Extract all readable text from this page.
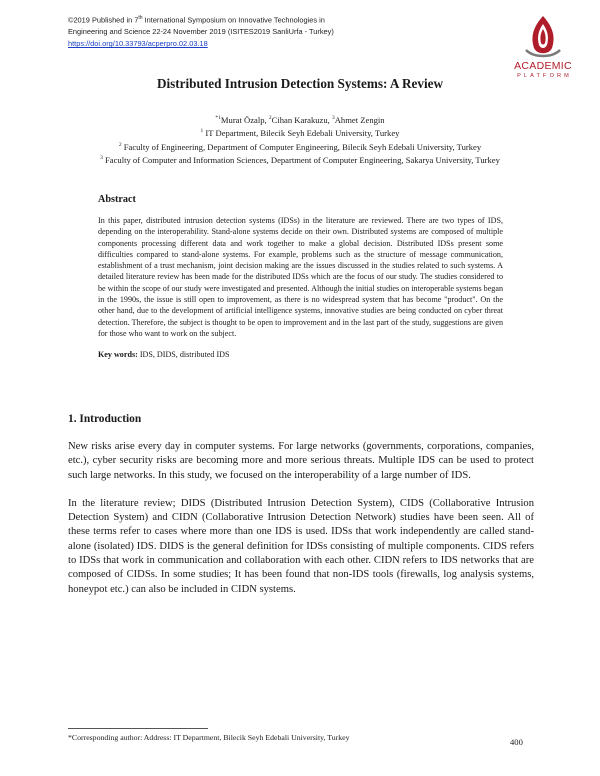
©2019 Published in 7th International Symposium on Innovative Technologies in
Engineering and Science 22-24 November 2019 (ISITES2019 SanliUrfa - Turkey)
https://doi.org/10.33793/acperpro.02.03.18
ACADEMIC
PLATFORM
Distributed Intrusion Detection Systems: A Review
$^{*1}$Murat Özalp, $^2$Cihan Karakuzu, $^3$Ahmet Zengin
$^1$ IT Department, Bilecik Seyh Edebali University, Turkey
$^2$ Faculty of Engineering, Department of Computer Engineering, Bilecik Seyh Edebali University, Turkey
$^3$ Faculty of Computer and Information Sciences, Department of Computer Engineering, Sakarya University, Turkey
Abstract

In this paper, distributed intrusion detection systems (IDSs) in the literature are reviewed. There are two types of IDS, depending on the interoperability. Stand-alone systems decide on their own. Distributed systems are composed of multiple components processing different data and work together to make a global decision. Distributed IDSs present some difficulties compared to stand-alone systems. For example, problems such as the structure of message communication, establishment of a trust mechanism, joint decision making are the issues discussed in the studies related to such systems. A detailed literature review has been made for the distributed IDSs which are the focus of our study. The studies considered to be within the scope of our study were investigated and presented. Although the initial studies on interoperable systems began in the 1990s, the issue is still open to improvement, as there is no widespread system that has become "product". On the other hand, due to the development of artificial intelligence systems, innovative studies are being conducted on cyber threat detection. Therefore, the subject is thought to be open to improvement and in the last part of the study, suggestions are given for those who want to work on the subject.

Key words: IDS, DIDS, distributed IDS

1. Introduction

New risks arise every day in computer systems. For large networks (governments, corporations, companies, etc.), cyber security risks are becoming more and more serious threats. Multiple IDS can be used to protect such large networks. In this study, we focused on the interoperability of a large number of IDS.

In the literature review; DIDS (Distributed Intrusion Detection System), CIDS (Collaborative Intrusion Detection System) and CIDN (Collaborative Intrusion Detection Network) studies have been seen. All of these terms refer to cases where more than one IDS is used. IDSs that work independently are called stand-alone (isolated) IDS. DIDS is the general definition for IDSs consisting of multiple components. CIDS refers to IDSs that work in communication and collaboration with each other. CIDN refers to IDS networks that are composed of CIDSs. In some studies; It has been found that non-IDS tools (firewalls, log analysis systems, honeypot etc.) can also be included in CIDN systems.

*Corresponding author: Address: IT Department, Bilecik Seyh Edebali University, Turkey	400
